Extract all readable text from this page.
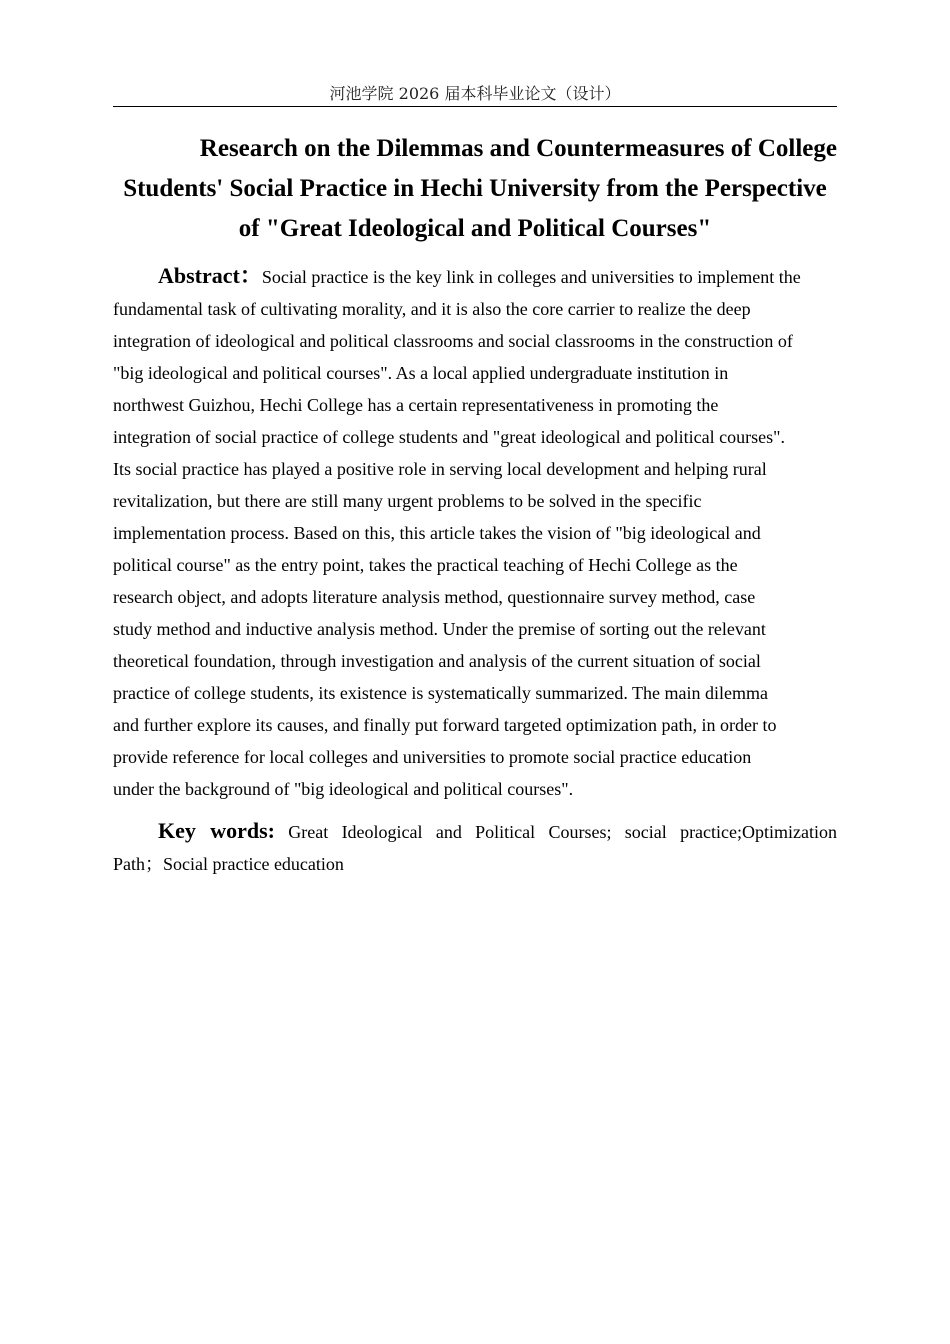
河池学院 2026 届本科毕业论文（设计）
Research on the Dilemmas and Countermeasures of College
Students' Social Practice in Hechi University from the Perspective
of "Great Ideological and Political Courses"
Abstract：Social practice is the key link in colleges and universities to implement the
fundamental task of cultivating morality, and it is also the core carrier to realize the deep
integration of ideological and political classrooms and social classrooms in the construction of
"big ideological and political courses". As a local applied undergraduate institution in
northwest Guizhou, Hechi College has a certain representativeness in promoting the
integration of social practice of college students and "great ideological and political courses".
Its social practice has played a positive role in serving local development and helping rural
revitalization, but there are still many urgent problems to be solved in the specific
implementation process. Based on this, this article takes the vision of "big ideological and
political course" as the entry point, takes the practical teaching of Hechi College as the
research object, and adopts literature analysis method, questionnaire survey method, case
study method and inductive analysis method. Under the premise of sorting out the relevant
theoretical foundation, through investigation and analysis of the current situation of social
practice of college students, its existence is systematically summarized. The main dilemma
and further explore its causes, and finally put forward targeted optimization path, in order to
provide reference for local colleges and universities to promote social practice education
under the background of "big ideological and political courses".
Key words: Great Ideological and Political Courses; social practice;Optimization
Path；Social practice education
